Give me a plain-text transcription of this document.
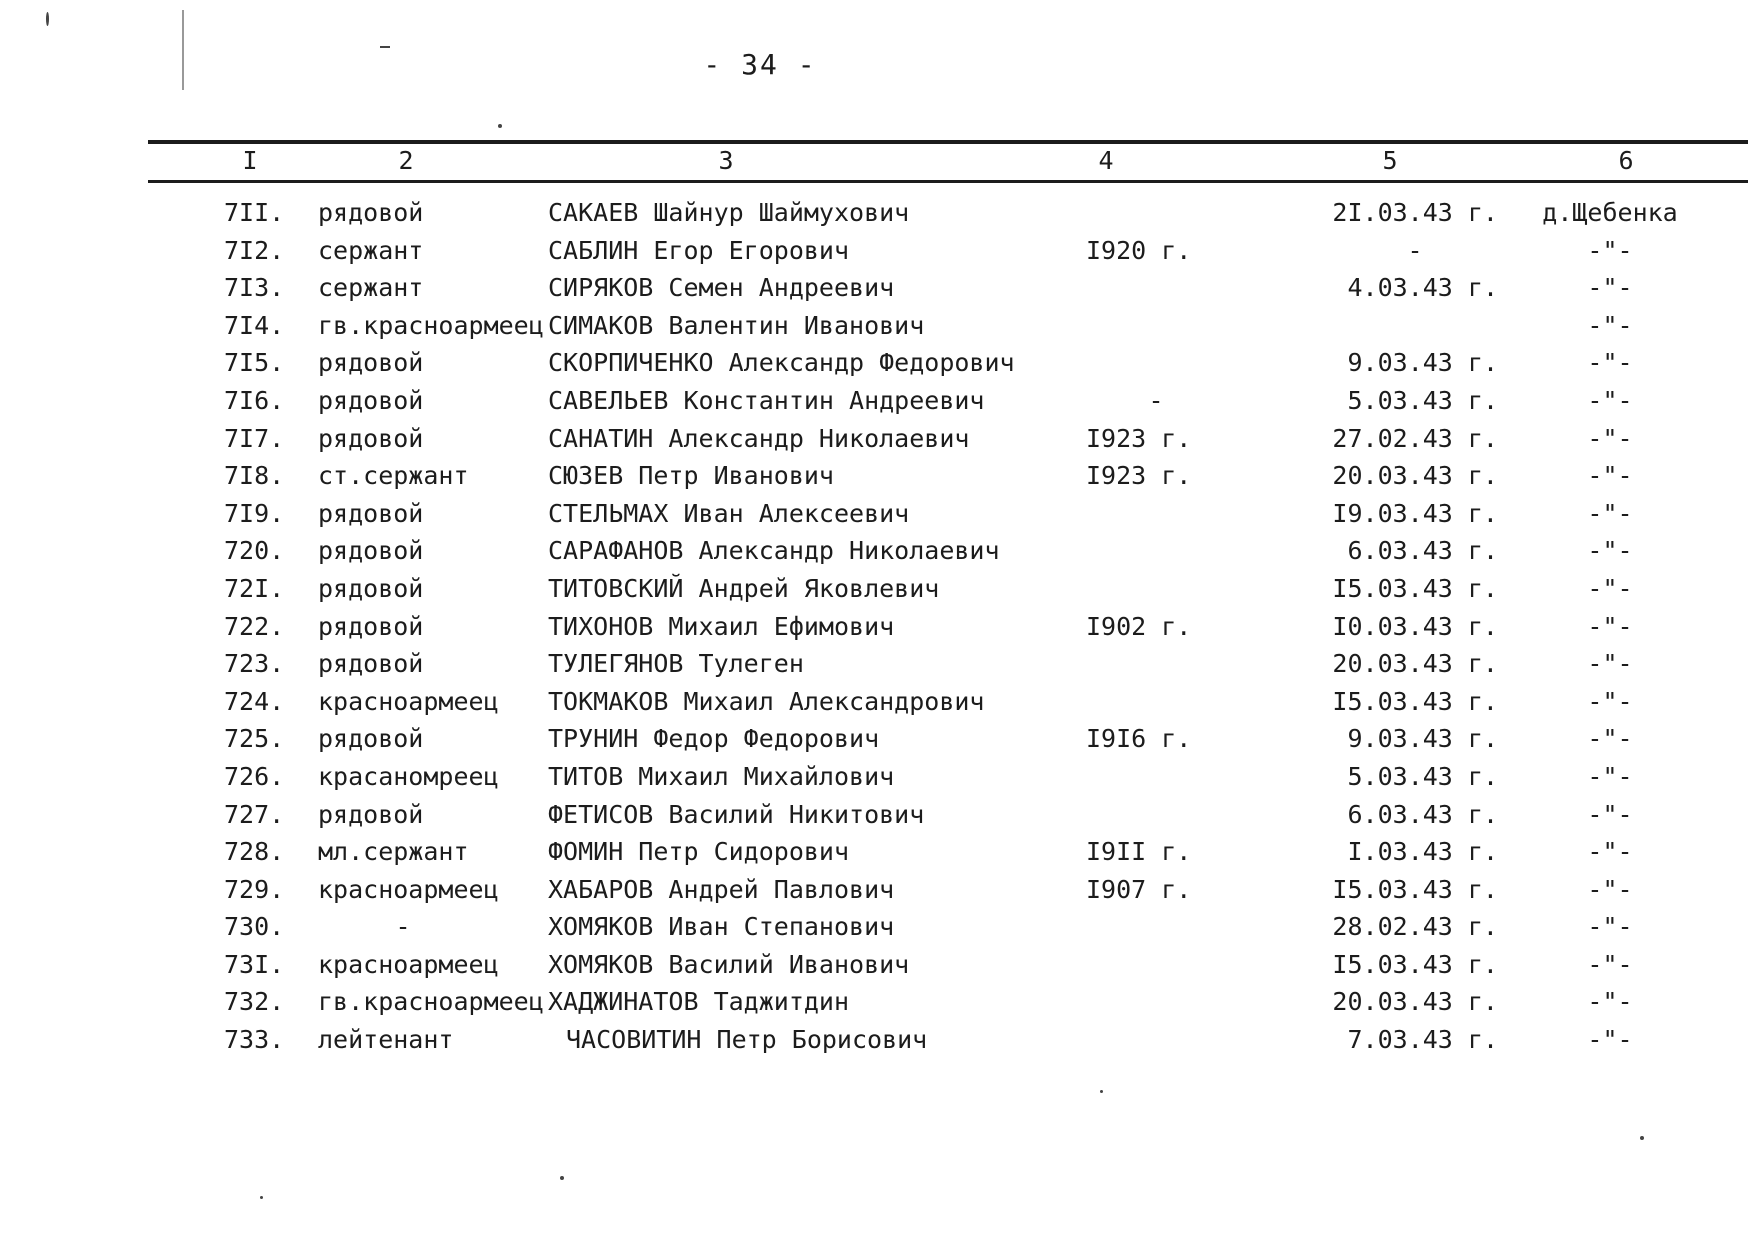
- 34 -
I	2	3	4	5	6
7II. рядовой	САКАЕВ Шайнур Шаймухович	2I.03.43 г.	д.Щебенка
7I2. сержант	САБЛИН Егор Егорович	I920 г.	-	-"-
7I3. сержант	СИРЯКОВ Семен Андреевич	4.03.43 г.	-"-
7I4. гв.красноармеец СИМАКОВ Валентин Иванович	-"-
7I5. рядовой	СКОРПИЧЕНКО Александр Федорович	9.03.43 г.	-"-
7I6. рядовой	САВЕЛЬЕВ Константин Андреевич	-	5.03.43 г.	-"-
7I7. рядовой	САНАТИН Александр Николаевич	I923 г.	27.02.43 г.	-"-
7I8. ст.сержант	СЮЗЕВ Петр Иванович	I923 г.	20.03.43 г.	-"-
7I9. рядовой	СТЕЛЬМАХ Иван Алексеевич	I9.03.43 г.	-"-
720. рядовой	САРАФАНОВ Александр Николаевич	6.03.43 г.	-"-
72I. рядовой	ТИТОВСКИЙ Андрей Яковлевич	I5.03.43 г.	-"-
722. рядовой	ТИХОНОВ Михаил Ефимович	I902 г.	I0.03.43 г.	-"-
723. рядовой	ТУЛЕГЯНОВ Тулеген	20.03.43 г.	-"-
724. красноармеец ТОКМАКОВ Михаил Александрович	I5.03.43 г.	-"-
725. рядовой	ТРУНИН Федор Федорович	I9I6 г.	9.03.43 г.	-"-
726. красаномреец ТИТОВ Михаил Михайлович	5.03.43 г.	-"-
727. рядовой	ФЕТИСОВ Василий Никитович	6.03.43 г.	-"-
728. мл.сержант	ФОМИН Петр Сидорович	I9II г.	I.03.43 г.	-"-
729. красноармеец ХАБАРОВ Андрей Павлович	I907 г.	I5.03.43 г.	-"-
730.	-	ХОМЯКОВ Иван Степанович	28.02.43 г.	-"-
73I. красноармеец ХОМЯКОВ Василий Иванович	I5.03.43 г.	-"-
732. гв.красноармеец ХАДЖИНАТОВ Таджитдин	20.03.43 г.	-"-
733. лейтенант	ЧАСОВИТИН Петр Борисович	7.03.43 г.	-"-
